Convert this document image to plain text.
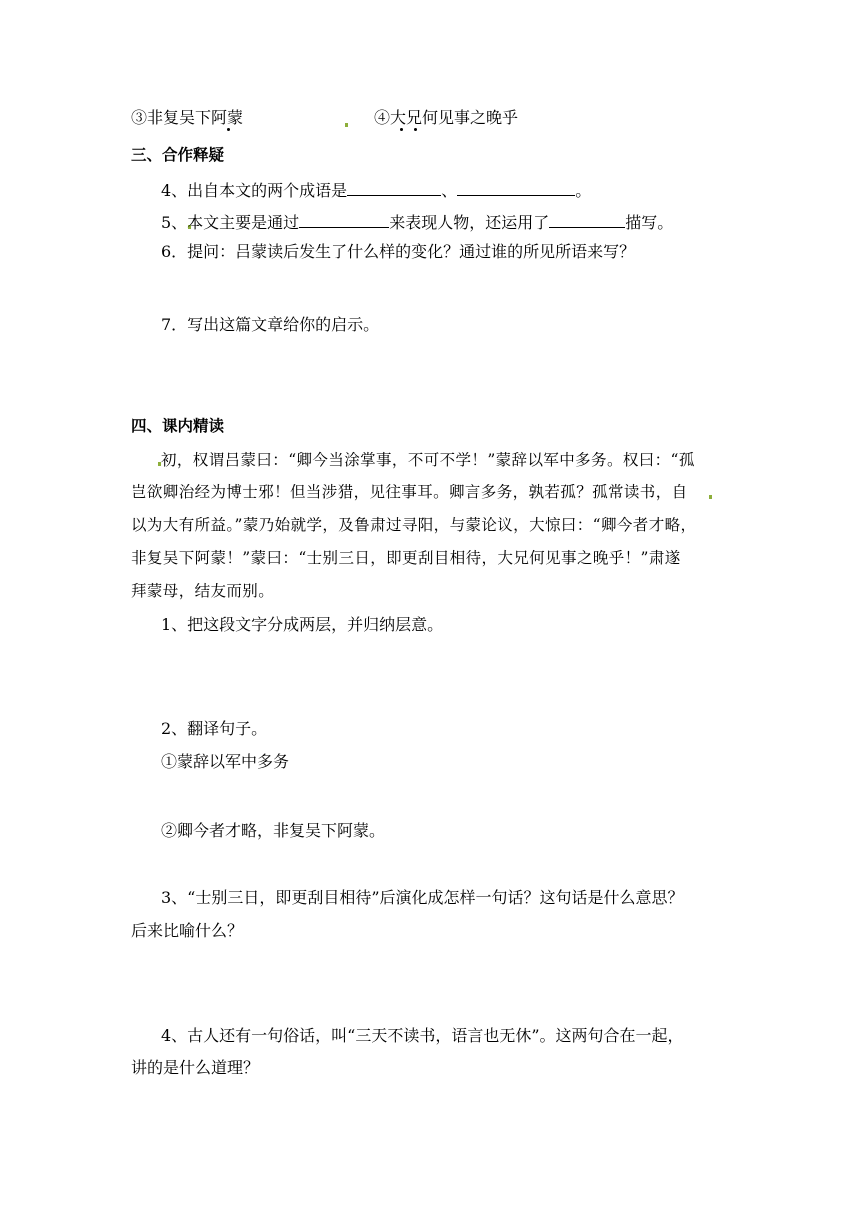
③非复吴下阿蒙	④大兄何见事之晚乎
三、合作释疑
4、出自本文的两个成语是	、	。
5、本文主要是通过	来表现人物，还运用了	描写。
6．提问：吕蒙读后发生了什么样的变化？通过谁的所见所语来写？
7．写出这篇文章给你的启示。
四、课内精读
初，权谓吕蒙曰：“卿今当涂掌事，不可不学！”蒙辞以军中多务。权曰：“孤
岂欲卿治经为博士邪！但当涉猎，见往事耳。卿言多务，孰若孤？孤常读书，自
以为大有所益。”蒙乃始就学，及鲁肃过寻阳，与蒙论议，大惊曰：“卿今者才略，
非复吴下阿蒙！”蒙曰：“士别三日，即更刮目相待，大兄何见事之晚乎！”肃遂
拜蒙母，结友而别。
1、把这段文字分成两层，并归纳层意。
2、翻译句子。
①蒙辞以军中多务
②卿今者才略，非复吴下阿蒙。
3、“士别三日，即更刮目相待”后演化成怎样一句话？这句话是什么意思？
后来比喻什么？
4、古人还有一句俗话，叫“三天不读书，语言也无休”。这两句合在一起，
讲的是什么道理？
